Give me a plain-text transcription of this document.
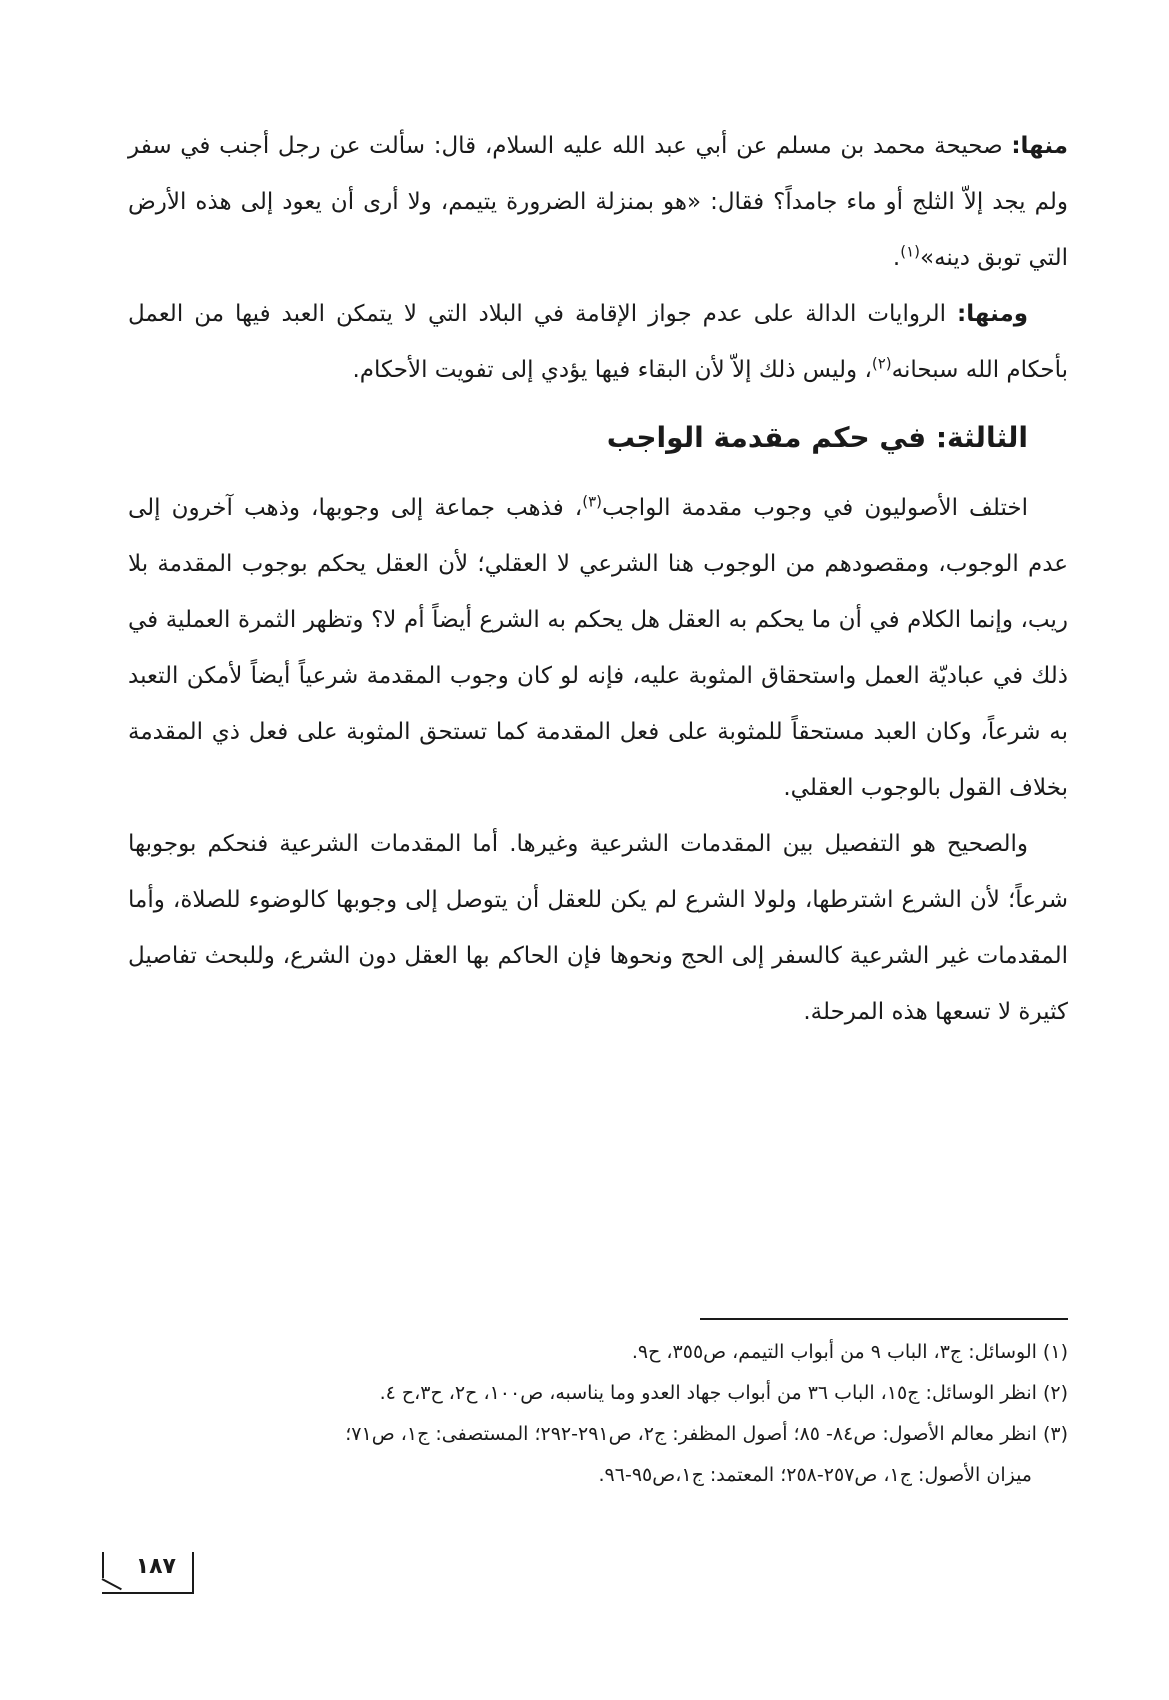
منها: صحيحة محمد بن مسلم عن أبي عبد الله عليه السلام، قال: سألت عن رجل أجنب في سفر ولم يجد إلاّ الثلج أو ماء جامداً؟ فقال: «هو بمنزلة الضرورة يتيمم، ولا أرى أن يعود إلى هذه الأرض التي توبق دينه»$^{(١)}$.

ومنها: الروايات الدالة على عدم جواز الإقامة في البلاد التي لا يتمكن العبد فيها من العمل بأحكام الله سبحانه$^{(٢)}$، وليس ذلك إلاّ لأن البقاء فيها يؤدي إلى تفويت الأحكام.

الثالثة: في حكم مقدمة الواجب

اختلف الأصوليون في وجوب مقدمة الواجب$^{(٣)}$، فذهب جماعة إلى وجوبها، وذهب آخرون إلى عدم الوجوب، ومقصودهم من الوجوب هنا الشرعي لا العقلي؛ لأن العقل يحكم بوجوب المقدمة بلا ريب، وإنما الكلام في أن ما يحكم به العقل هل يحكم به الشرع أيضاً أم لا؟ وتظهر الثمرة العملية في ذلك في عباديّة العمل واستحقاق المثوبة عليه، فإنه لو كان وجوب المقدمة شرعياً أيضاً لأمكن التعبد به شرعاً، وكان العبد مستحقاً للمثوبة على فعل المقدمة كما تستحق المثوبة على فعل ذي المقدمة بخلاف القول بالوجوب العقلي.

والصحيح هو التفصيل بين المقدمات الشرعية وغيرها. أما المقدمات الشرعية فنحكم بوجوبها شرعاً؛ لأن الشرع اشترطها، ولولا الشرع لم يكن للعقل أن يتوصل إلى وجوبها كالوضوء للصلاة، وأما المقدمات غير الشرعية كالسفر إلى الحج ونحوها فإن الحاكم بها العقل دون الشرع، وللبحث تفاصيل كثيرة لا تسعها هذه المرحلة.

(١) الوسائل: ج٣، الباب ٩ من أبواب التيمم، ص٣٥٥، ح٩.

(٢) انظر الوسائل: ج١٥، الباب ٣٦ من أبواب جهاد العدو وما يناسبه، ص١٠٠، ح٢، ح٣،ح ٤.

(٣) انظر معالم الأصول: ص٨٤- ٨٥؛ أصول المظفر: ج٢، ص٢٩١-٢٩٢؛ المستصفى: ج١، ص٧١؛

ميزان الأصول: ج١، ص٢٥٧-٢٥٨؛ المعتمد: ج١،ص٩٥-٩٦.

١٨٧
